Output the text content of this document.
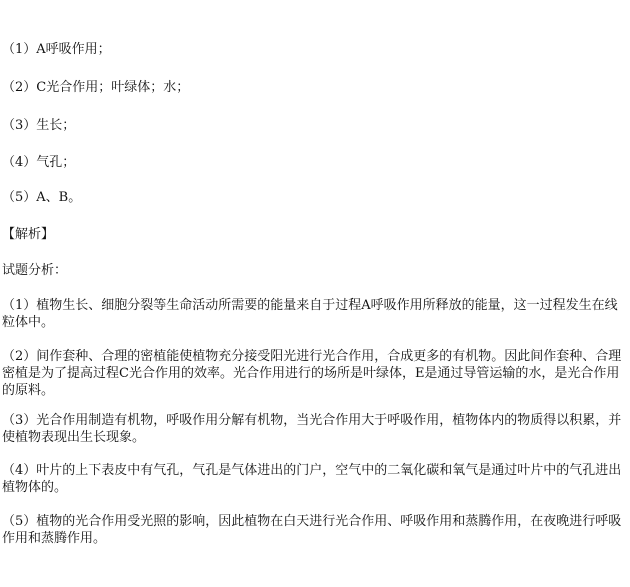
（1）A呼吸作用；
（2）C光合作用；叶绿体；水；
（3）生长；
（4）气孔；
（5）A、B。
【解析】
试题分析：
（1）植物生长、细胞分裂等生命活动所需要的能量来自于过程A呼吸作用所释放的能量，这一过程发生在线粒体中。
（2）间作套种、合理的密植能使植物充分接受阳光进行光合作用，合成更多的有机物。因此间作套种、合理密植是为了提高过程C光合作用的效率。光合作用进行的场所是叶绿体，E是通过导管运输的水，是光合作用的原料。
（3）光合作用制造有机物，呼吸作用分解有机物，当光合作用大于呼吸作用，植物体内的物质得以积累，并使植物表现出生长现象。
（4）叶片的上下表皮中有气孔，气孔是气体进出的门户，空气中的二氧化碳和氧气是通过叶片中的气孔进出植物体的。
（5）植物的光合作用受光照的影响，因此植物在白天进行光合作用、呼吸作用和蒸腾作用，在夜晚进行呼吸作用和蒸腾作用。
